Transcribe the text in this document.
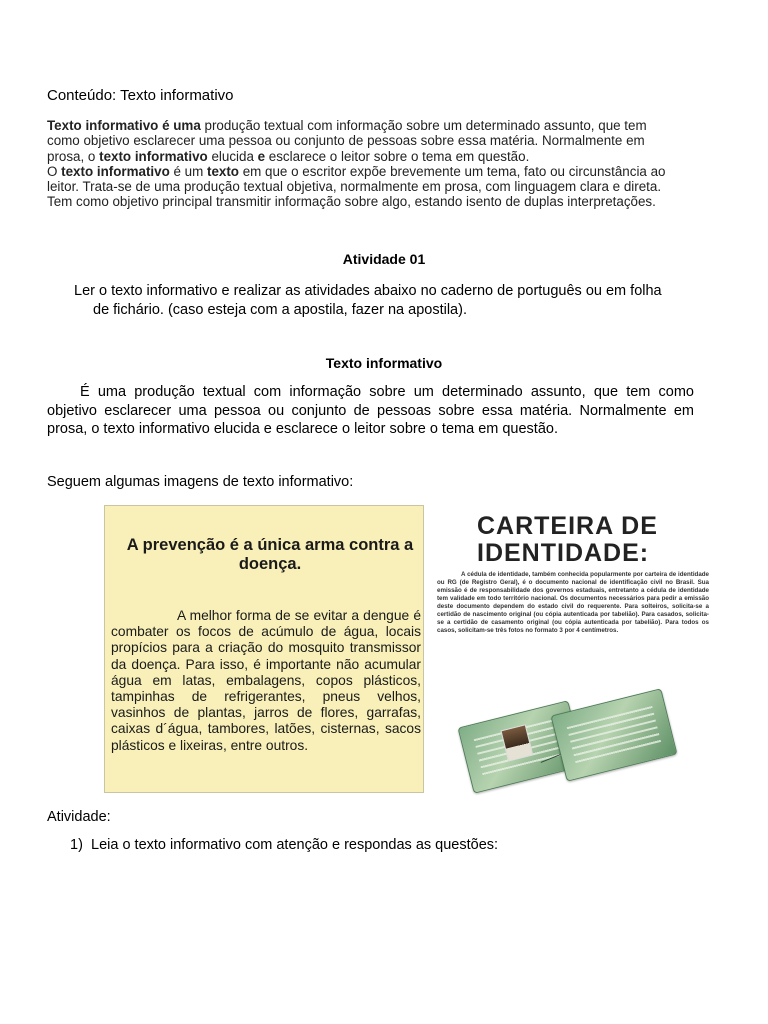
Conteúdo: Texto informativo

Texto informativo é uma produção textual com informação sobre um determinado assunto, que tem

como objetivo esclarecer uma pessoa ou conjunto de pessoas sobre essa matéria. Normalmente em

prosa, o texto informativo elucida e esclarece o leitor sobre o tema em questão.

O texto informativo é um texto em que o escritor expõe brevemente um tema, fato ou circunstância ao

leitor. Trata-se de uma produção textual objetiva, normalmente em prosa, com linguagem clara e direta.

Tem como objetivo principal transmitir informação sobre algo, estando isento de duplas interpretações.

Atividade 01
Ler o texto informativo e realizar as atividades abaixo no caderno de português ou em folha
de fichário. (caso esteja com a apostila, fazer na apostila).
Texto informativo
É uma produção textual com informação sobre um determinado assunto, que tem como objetivo esclarecer uma pessoa ou conjunto de pessoas sobre essa matéria. Normalmente em prosa, o texto informativo elucida e esclarece o leitor sobre o tema em questão.
Seguem algumas imagens de texto informativo:
A prevenção é a única arma contra a doença.
A melhor forma de se evitar a dengue é combater os focos de acúmulo de água, locais propícios para a criação do mosquito transmissor da doença. Para isso, é importante não acumular água em latas, embalagens, copos plásticos, tampinhas de refrigerantes, pneus velhos, vasinhos de plantas, jarros de flores, garrafas, caixas d´água, tambores, latões, cisternas, sacos plásticos e lixeiras, entre outros.
CARTEIRA DE
IDENTIDADE:
A cédula de identidade, também conhecida popularmente por carteira de identidade ou RG (de Registro Geral), é o documento nacional de identificação civil no Brasil. Sua emissão é de responsabilidade dos governos estaduais, entretanto a cédula de identidade tem validade em todo território nacional. Os documentos necessários para pedir a emissão deste documento dependem do estado civil do requerente. Para solteiros, solicita-se a certidão de nascimento original (ou cópia autenticada por tabelião). Para casados, solicita-se a certidão de casamento original (ou cópia autenticada por tabelião). Para todos os casos, solicitam-se três fotos no formato 3 por 4 centímetros.
Atividade:
1) Leia o texto informativo com atenção e respondas as questões:
